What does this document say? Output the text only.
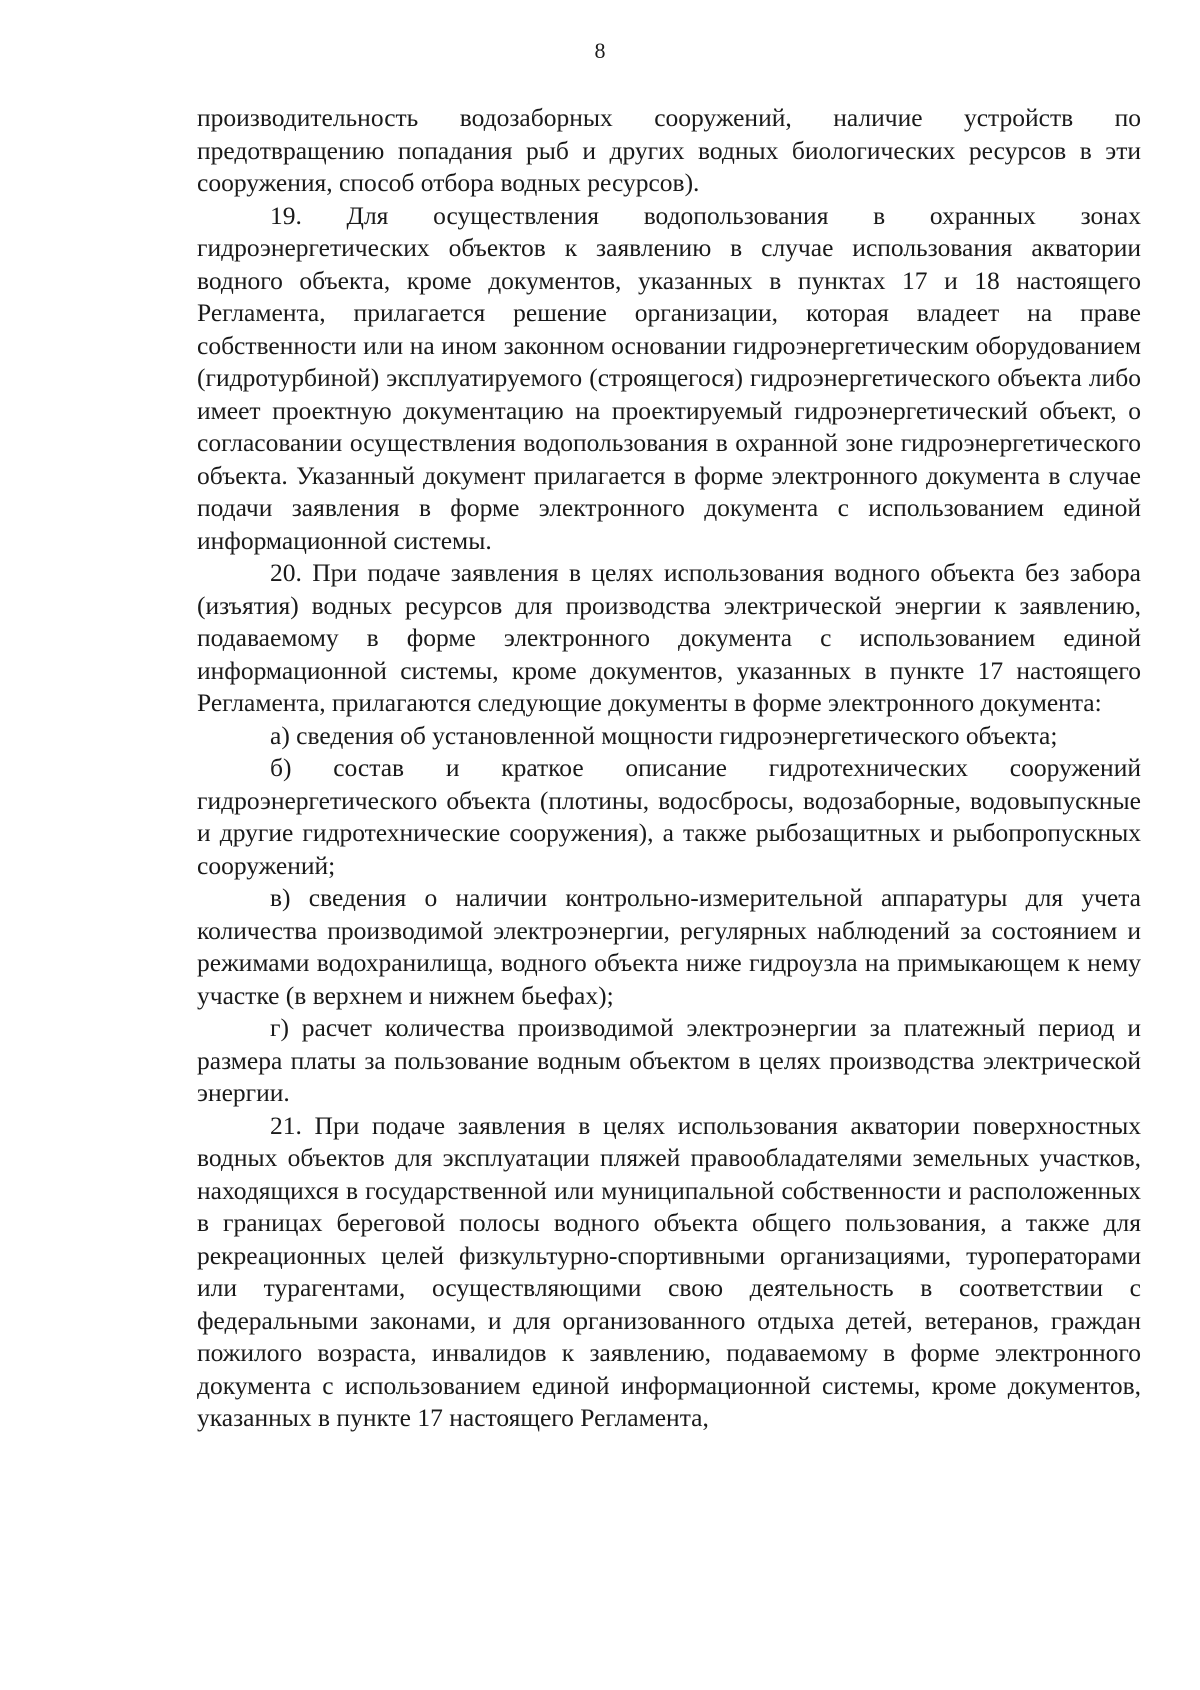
8

производительность водозаборных сооружений, наличие устройств по предотвращению попадания рыб и других водных биологических ресурсов в эти сооружения, способ отбора водных ресурсов).

19. Для осуществления водопользования в охранных зонах гидроэнергетических объектов к заявлению в случае использования акватории водного объекта, кроме документов, указанных в пунктах 17 и 18 настоящего Регламента, прилагается решение организации, которая владеет на праве собственности или на ином законном основании гидроэнергетическим оборудованием (гидротурбиной) эксплуатируемого (строящегося) гидроэнергетического объекта либо имеет проектную документацию на проектируемый гидроэнергетический объект, о согласовании осуществления водопользования в охранной зоне гидроэнергетического объекта. Указанный документ прилагается в форме электронного документа в случае подачи заявления в форме электронного документа с использованием единой информационной системы.

20. При подаче заявления в целях использования водного объекта без забора (изъятия) водных ресурсов для производства электрической энергии к заявлению, подаваемому в форме электронного документа с использованием единой информационной системы, кроме документов, указанных в пункте 17 настоящего Регламента, прилагаются следующие документы в форме электронного документа:

а) сведения об установленной мощности гидроэнергетического объекта;

б) состав и краткое описание гидротехнических сооружений гидроэнергетического объекта (плотины, водосбросы, водозаборные, водовыпускные и другие гидротехнические сооружения), а также рыбозащитных и рыбопропускных сооружений;

в) сведения о наличии контрольно-измерительной аппаратуры для учета количества производимой электроэнергии, регулярных наблюдений за состоянием и режимами водохранилища, водного объекта ниже гидроузла на примыкающем к нему участке (в верхнем и нижнем бьефах);

г) расчет количества производимой электроэнергии за платежный период и размера платы за пользование водным объектом в целях производства электрической энергии.

21. При подаче заявления в целях использования акватории поверхностных водных объектов для эксплуатации пляжей правообладателями земельных участков, находящихся в государственной или муниципальной собственности и расположенных в границах береговой полосы водного объекта общего пользования, а также для рекреационных целей физкультурно-спортивными организациями, туроператорами или турагентами, осуществляющими свою деятельность в соответствии с федеральными законами, и для организованного отдыха детей, ветеранов, граждан пожилого возраста, инвалидов к заявлению, подаваемому в форме электронного документа с использованием единой информационной системы, кроме документов, указанных в пункте 17 настоящего Регламента,
